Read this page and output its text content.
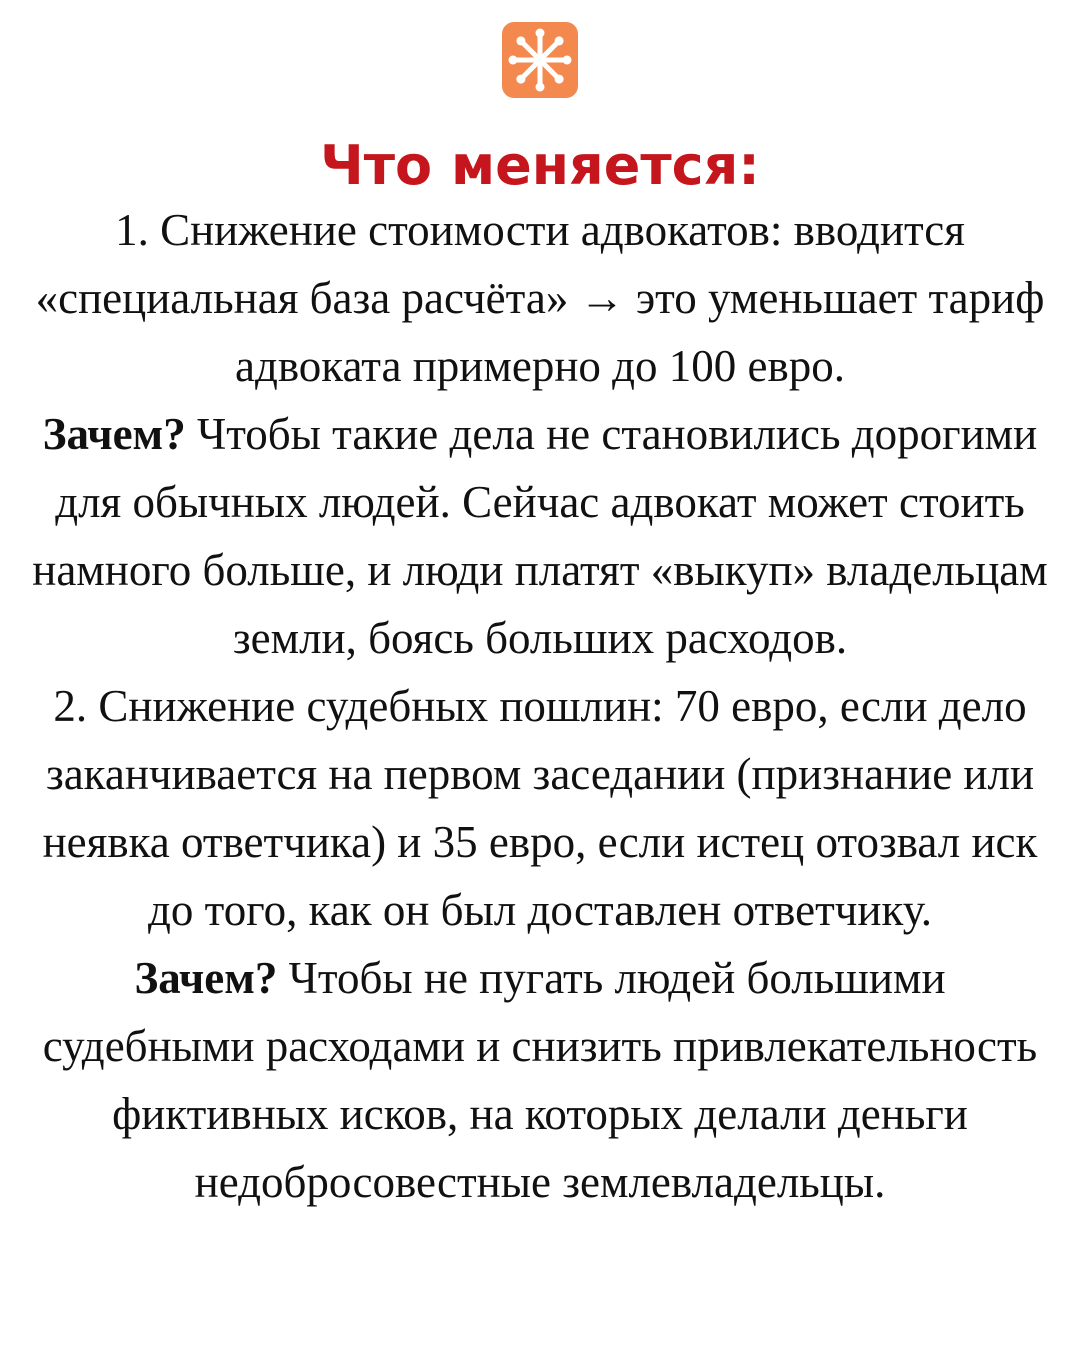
Что меняется:

1. Снижение стоимости адвокатов: вводится «специальная база расчёта» → это уменьшает тариф адвоката примерно до 100 евро.

Зачем? Чтобы такие дела не становились дорогими для обычных людей. Сейчас адвокат может стоить намного больше, и люди платят «выкуп» владельцам земли, боясь больших расходов.

2. Снижение судебных пошлин: 70 евро, если дело заканчивается на первом заседании (признание или неявка ответчика) и 35 евро, если истец отозвал иск до того, как он был доставлен ответчику.

Зачем? Чтобы не пугать людей большими судебными расходами и снизить привлекательность фиктивных исков, на которых делали деньги недобросовестные землевладельцы.
